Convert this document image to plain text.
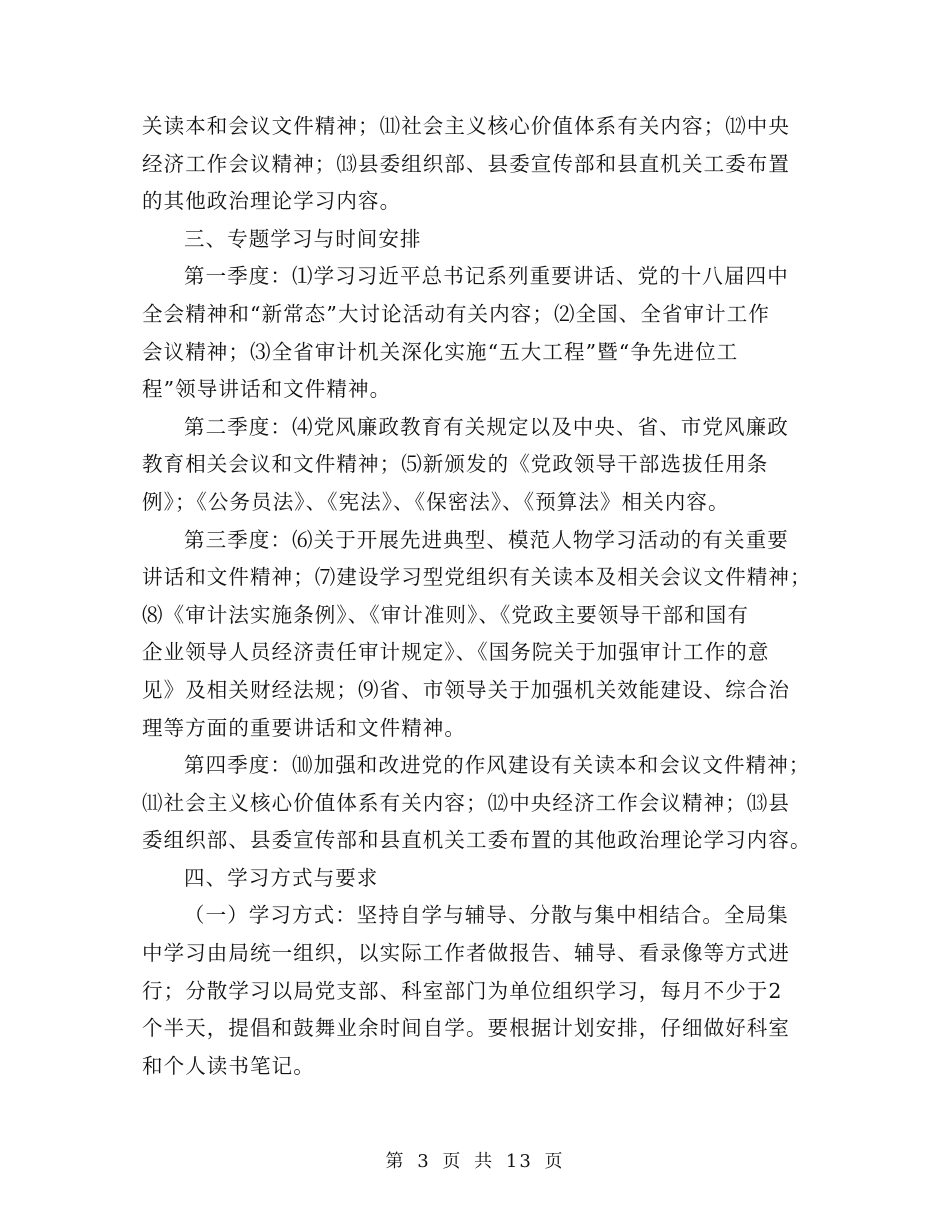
关读本和会议文件精神；⑾社会主义核心价值体系有关内容；⑿中央
经济工作会议精神；⒀县委组织部、县委宣传部和县直机关工委布置
的其他政治理论学习内容。
三、专题学习与时间安排
第一季度：⑴学习习近平总书记系列重要讲话、党的十八届四中
全会精神和“新常态”大讨论活动有关内容；⑵全国、全省审计工作
会议精神；⑶全省审计机关深化实施“五大工程”暨“争先进位工
程”领导讲话和文件精神。
第二季度：⑷党风廉政教育有关规定以及中央、省、市党风廉政
教育相关会议和文件精神；⑸新颁发的《党政领导干部选拔任用条
例》；《公务员法》、《宪法》、《保密法》、《预算法》相关内容。
第三季度：⑹关于开展先进典型、模范人物学习活动的有关重要
讲话和文件精神；⑺建设学习型党组织有关读本及相关会议文件精神；
⑻《审计法实施条例》、《审计准则》、《党政主要领导干部和国有
企业领导人员经济责任审计规定》、《国务院关于加强审计工作的意
见》及相关财经法规；⑼省、市领导关于加强机关效能建设、综合治
理等方面的重要讲话和文件精神。
第四季度：⑽加强和改进党的作风建设有关读本和会议文件精神；
⑾社会主义核心价值体系有关内容；⑿中央经济工作会议精神；⒀县
委组织部、县委宣传部和县直机关工委布置的其他政治理论学习内容。
四、学习方式与要求
（一）学习方式：坚持自学与辅导、分散与集中相结合。全局集
中学习由局统一组织，以实际工作者做报告、辅导、看录像等方式进
行；分散学习以局党支部、科室部门为单位组织学习，每月不少于2
个半天，提倡和鼓舞业余时间自学。要根据计划安排，仔细做好科室
和个人读书笔记。
第 3 页 共 13 页
